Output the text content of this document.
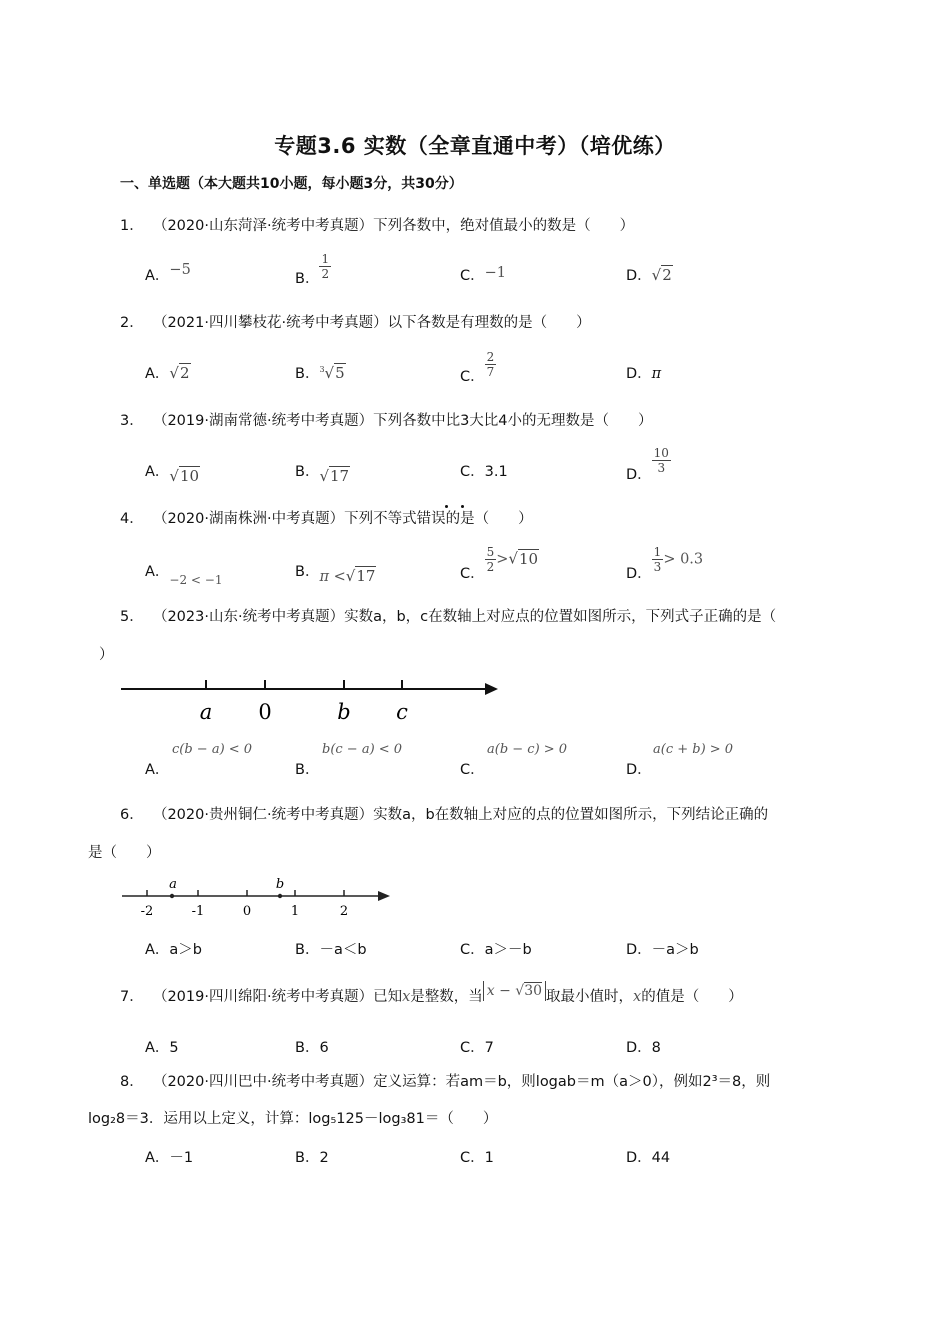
专题3.6 实数（全章直通中考）（培优练）
一、单选题（本大题共10小题，每小题3分，共30分）
1． （2020·山东菏泽·统考中考真题）下列各数中，绝对值最小的数是（　　）
A．−5
B． $\frac{1}{2}$	C．−1	D．√2
2． （2021·四川攀枝花·统考中考真题）以下各数是有理数的是（　　）
A．√2	B．$^3$√5	C． $\frac{2}{7}$	D．π
3． （2019·湖南常德·统考中考真题）下列各数中比3大比4小的无理数是（　　）
A．√10	B．√17	C．3.1	D． $\frac{10}{3}$
4． （2020·湖南株洲·中考真题）下列不等式错误的是（　　）
A．$_{-2 < -1}$	B．π <√17	C． $\frac{5}{2} >√10$
D． $\frac{1}{3} > 0.3$
5． （2023·山东·统考中考真题）实数a，b，c在数轴上对应点的位置如图所示，下列式子正确的是（
）
a 0	b c
A．
c(b − a) < 0
B．
b(c − a) < 0
C．
a(b − c) > 0
D．
a(c + b) > 0
6． （2020·贵州铜仁·统考中考真题）实数a，b在数轴上对应的点的位置如图所示，下列结论正确的
是（　　）
a	b
-2	-1	0	1	2
A．a＞b	B．－a＜b	C．a＞－b	D．－a＞b
7． （2019·四川绵阳·统考中考真题）已知x是整数，当 x − √30 取最小值时，x的值是（　　）
A．5	B．6	C．7	D．8
8． （2020·四川巴中·统考中考真题）定义运算：若am＝b，则logab＝m（a＞0），例如2³＝8，则
log₂8＝3．运用以上定义，计算：log₅125－log₃81＝（　　）
A．－1	B．2	C．1	D．44
